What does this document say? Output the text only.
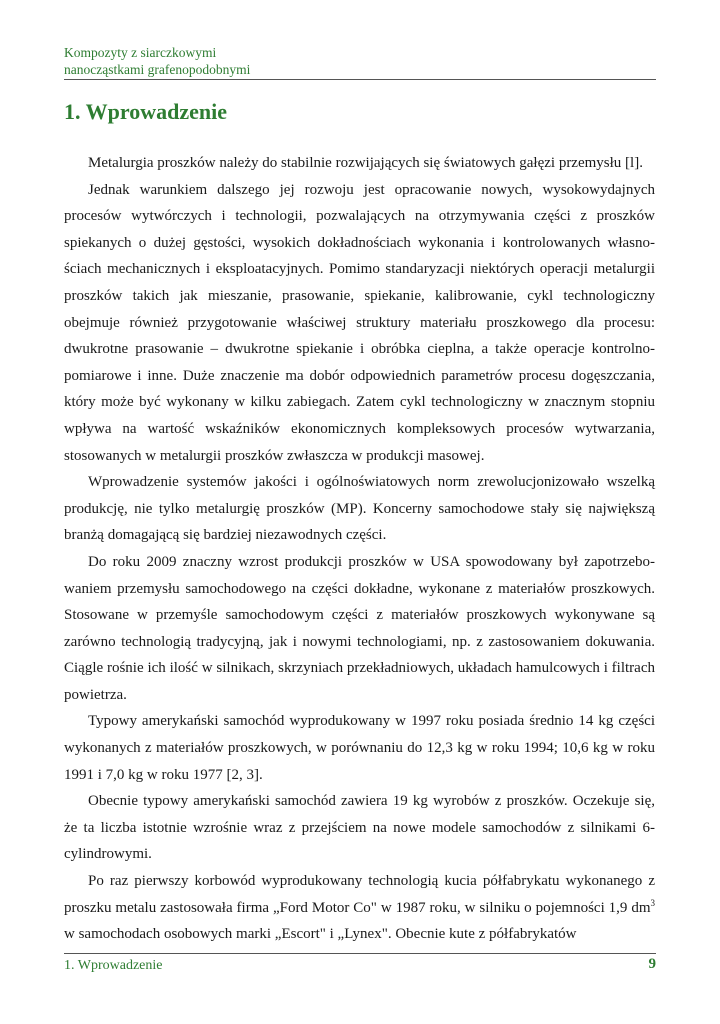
Kompozyty z siarczkowymi
nanocząstkami grafenopodobnymi
1. Wprowadzenie

Metalurgia proszków należy do stabilnie rozwijających się światowych gałęzi przemysłu [l].

Jednak warunkiem dalszego jej rozwoju jest opracowanie nowych, wysokowydajnych procesów wytwórczych i technologii, pozwalających na otrzymywania części z proszków spiekanych o dużej gęstości, wysokich dokładnościach wykonania i kontrolowanych własno-ściach mechanicznych i eksploatacyjnych. Pomimo standaryzacji niektórych operacji metalurgii proszków takich jak mieszanie, prasowanie, spiekanie, kalibrowanie, cykl technologiczny obejmuje również przygotowanie właściwej struktury materiału proszkowego dla procesu: dwukrotne prasowanie – dwukrotne spiekanie i obróbka cieplna, a także operacje kontrolno-pomiarowe i inne. Duże znaczenie ma dobór odpowiednich parametrów procesu dogęszczania, który może być wykonany w kilku zabiegach. Zatem cykl technologiczny w znacznym stopniu wpływa na wartość wskaźników ekonomicznych kompleksowych procesów wytwarzania, stosowanych w metalurgii proszków zwłaszcza w produkcji masowej.

Wprowadzenie systemów jakości i ogólnoświatowych norm zrewolucjonizowało wszelką produkcję, nie tylko metalurgię proszków (MP). Koncerny samochodowe stały się największą branżą domagającą się bardziej niezawodnych części.

Do roku 2009 znaczny wzrost produkcji proszków w USA spowodowany był zapotrzebo-waniem przemysłu samochodowego na części dokładne, wykonane z materiałów proszkowych. Stosowane w przemyśle samochodowym części z materiałów proszkowych wykonywane są zarówno technologią tradycyjną, jak i nowymi technologiami, np. z zastosowaniem dokuwania. Ciągle rośnie ich ilość w silnikach, skrzyniach przekładniowych, układach hamulcowych i filtrach powietrza.

Typowy amerykański samochód wyprodukowany w 1997 roku posiada średnio 14 kg części wykonanych z materiałów proszkowych, w porównaniu do 12,3 kg w roku 1994; 10,6 kg w roku 1991 i 7,0 kg w roku 1977 [2, 3].

Obecnie typowy amerykański samochód zawiera 19 kg wyrobów z proszków. Oczekuje się, że ta liczba istotnie wzrośnie wraz z przejściem na nowe modele samochodów z silnikami 6-cylindrowymi.

Po raz pierwszy korbowód wyprodukowany technologią kucia półfabrykatu wykonanego z proszku metalu zastosowała firma „Ford Motor Co" w 1987 roku, w silniku o pojemności 1,9 $dm^3$ w samochodach osobowych marki „Escort" i „Lynex". Obecnie kute z półfabrykatów

1. Wprowadzenie	9
